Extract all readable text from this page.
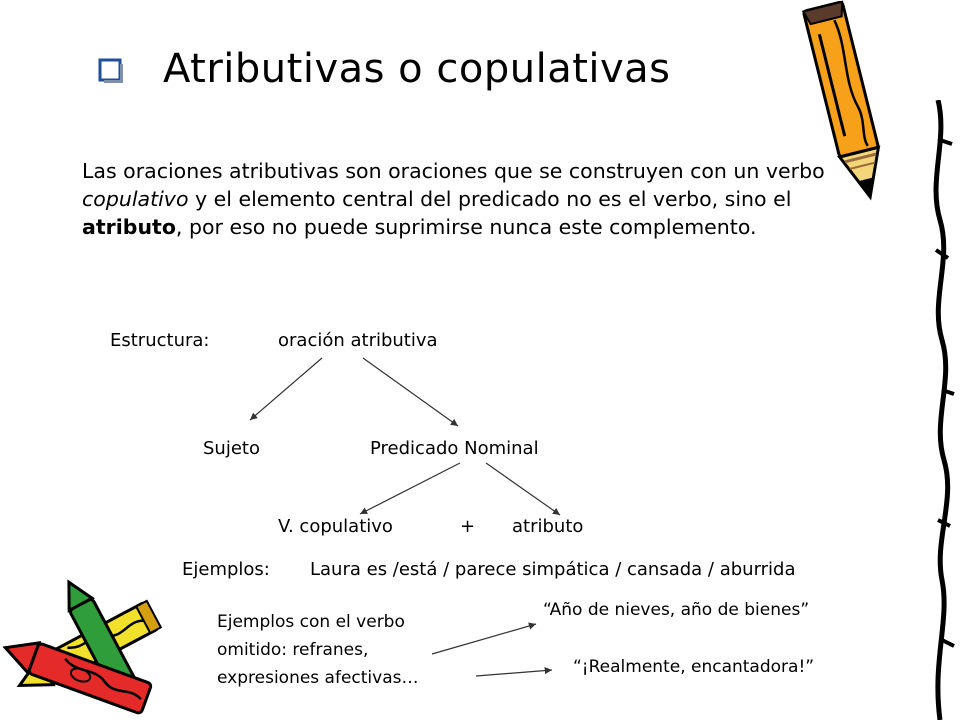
Atributivas o copulativas
Las oraciones atributivas son oraciones que se construyen con un verbo copulativo y el elemento central del predicado no es el verbo, sino el atributo, por eso no puede suprimirse nunca este complemento.
Estructura:	oración atributiva
Sujeto	Predicado Nominal
V. copulativo	+ atributo
Ejemplos: Laura es /está / parece simpática / cansada / aburrida
Ejemplos con el verbo
omitido: refranes,
expresiones afectivas…
“Año de nieves, año de bienes”
“¡Realmente, encantadora!”
